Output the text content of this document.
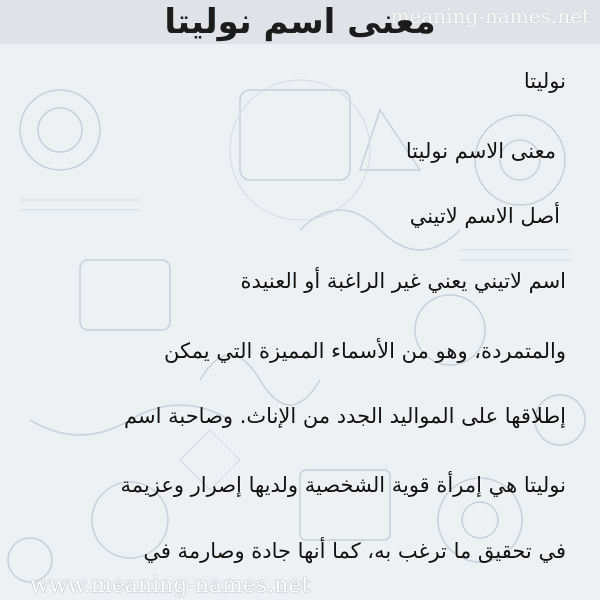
meaning-names.net
معنى اسم نوليتا
نوليتا
معنى الاسم نوليتا
أصل الاسم لاتيني
اسم لاتيني يعني غير الراغبة أو العنيدة
والمتمردة، وهو من الأسماء المميزة التي يمكن
إطلاقها على المواليد الجدد من الإناث. وصاحبة اسم
نوليتا هي إمرأة قوية الشخصية ولديها إصرار وعزيمة
في تحقيق ما ترغب به، كما أنها جادة وصارمة في
www.meaning-names.net
